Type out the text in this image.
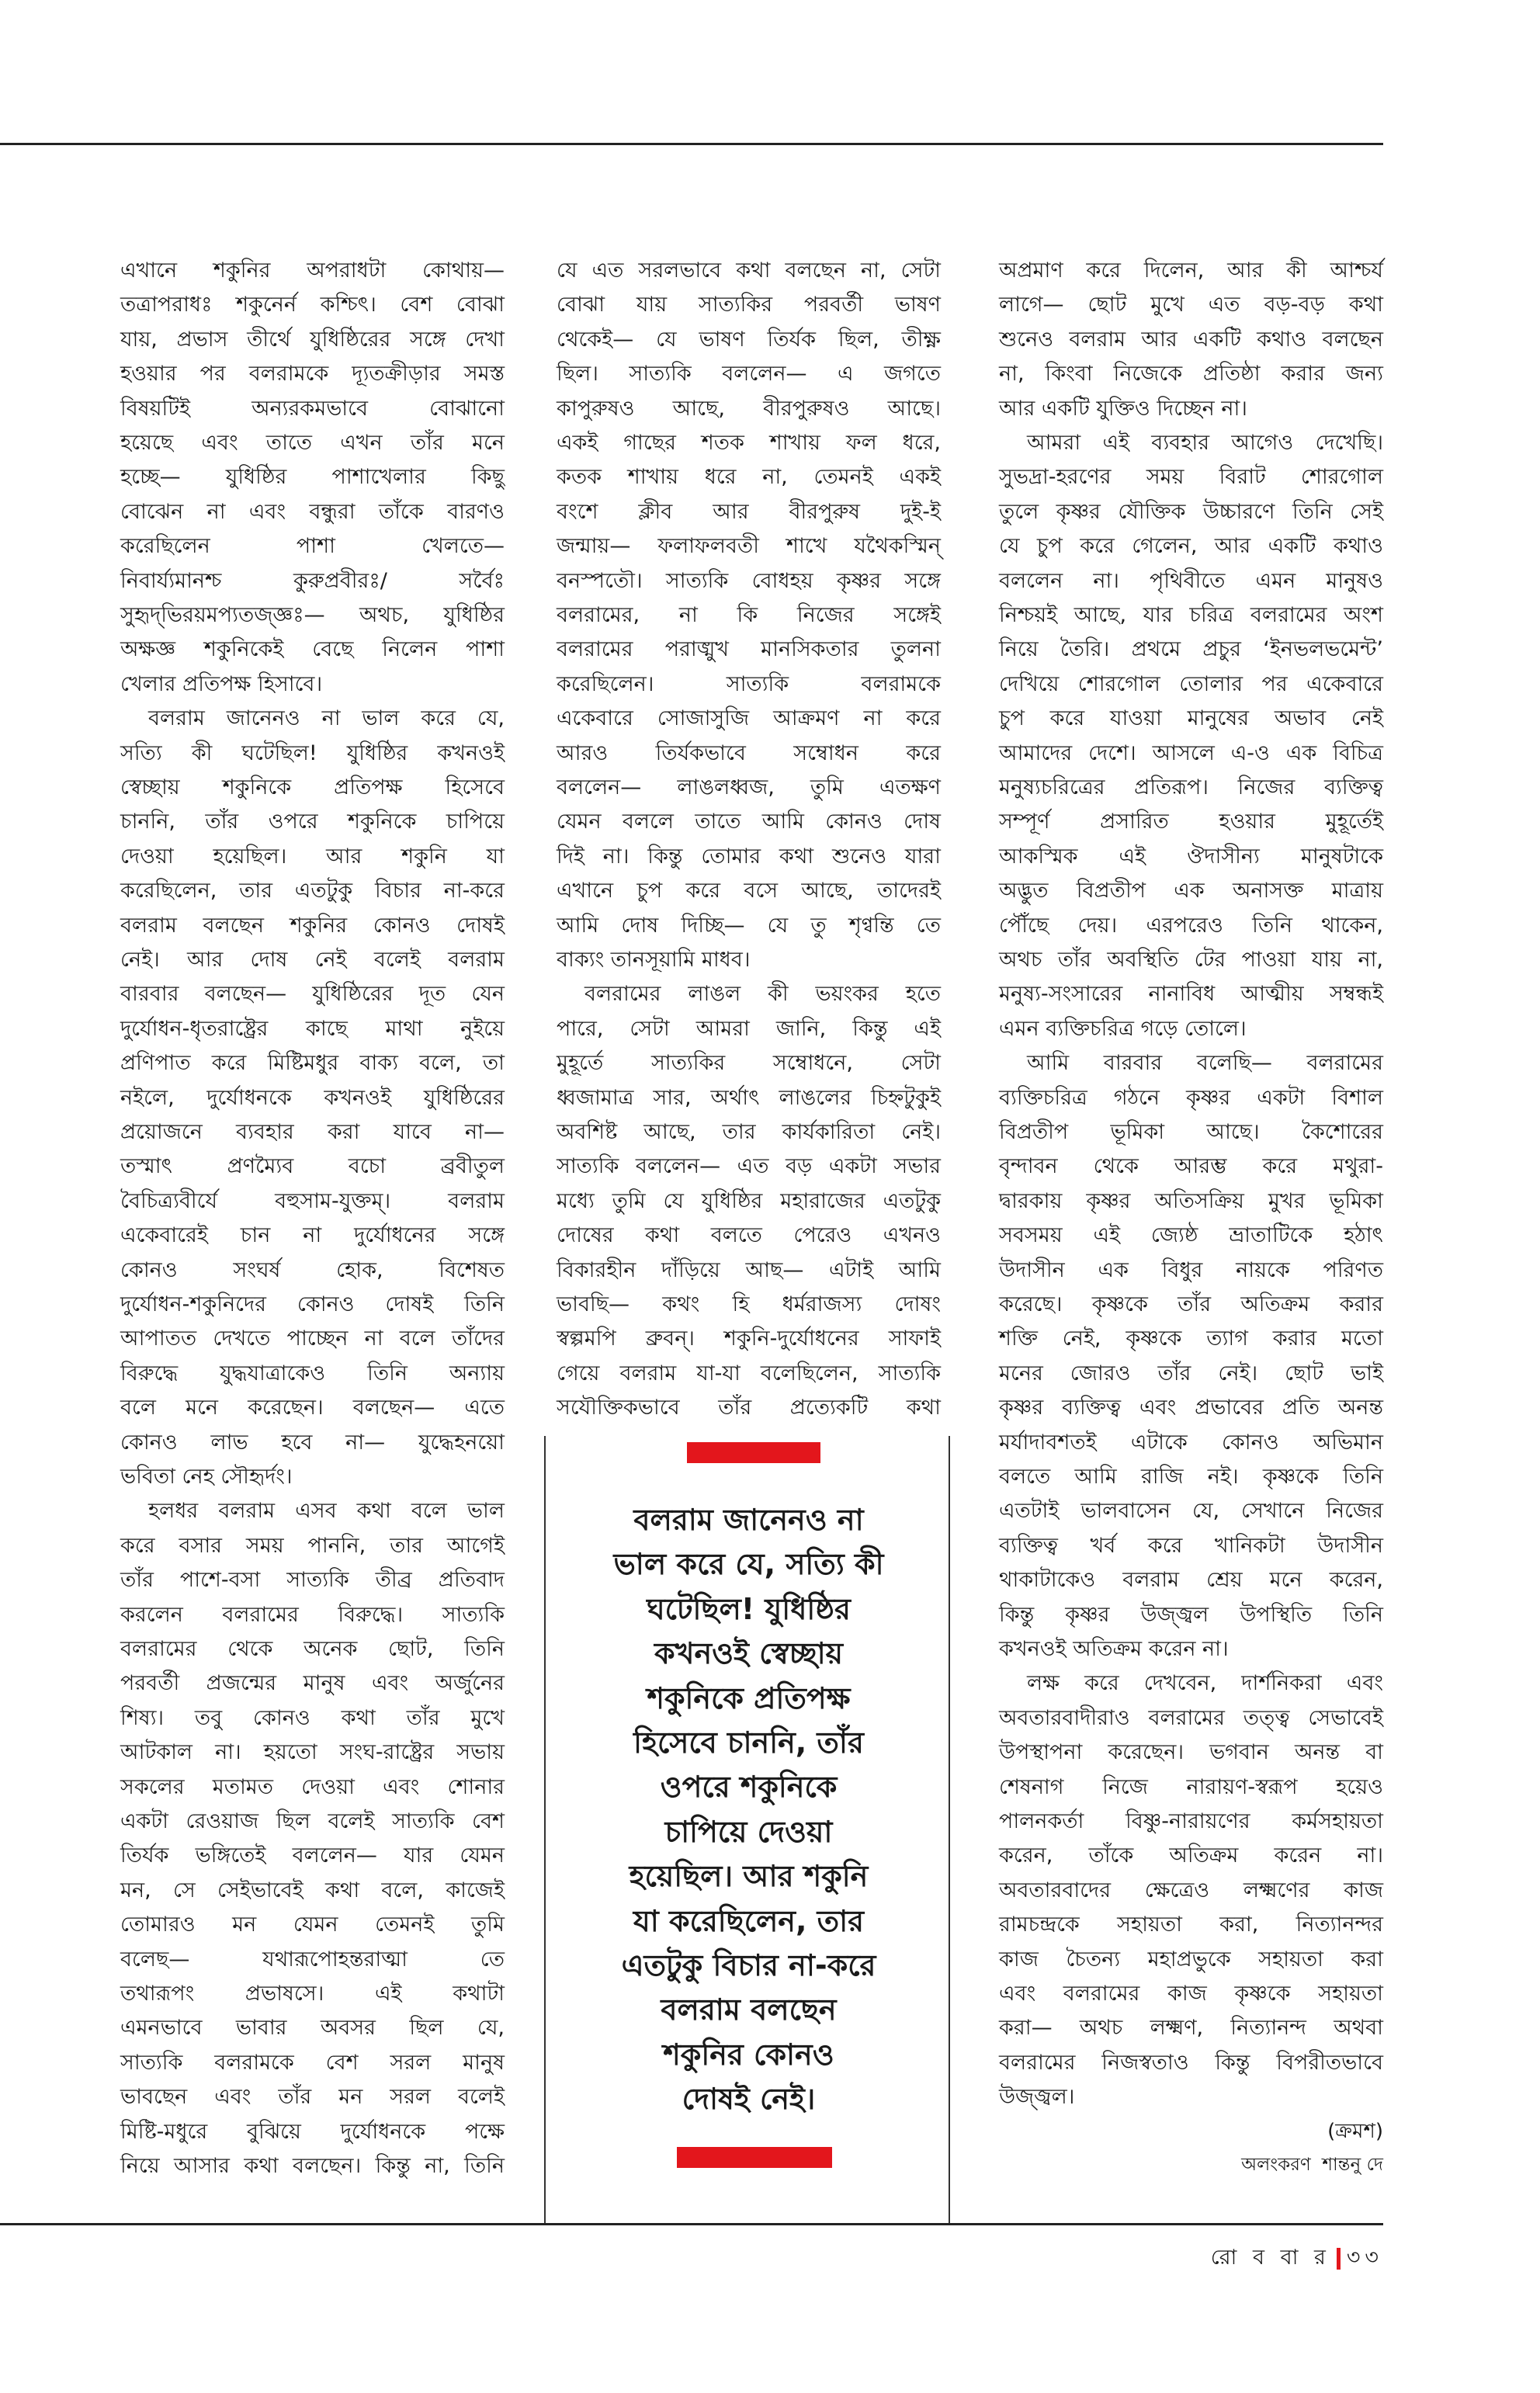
এখানে শকুনির অপরাধটা কোথায়—
তত্রাপরাধঃ শকুনের্ন কশ্চিৎ। বেশ বোঝা
যায়, প্রভাস তীর্থে যুধিষ্ঠিরের সঙ্গে দেখা
হওয়ার পর বলরামকে দ্যূতক্রীড়ার সমস্ত
বিষয়টিই অন্যরকমভাবে বোঝানো
হয়েছে এবং তাতে এখন তাঁর মনে
হচ্ছে— যুধিষ্ঠির পাশাখেলার কিছু
বোঝেন না এবং বন্ধুরা তাঁকে বারণও
করেছিলেন পাশা খেলতে—
নিবার্য্যমানশ্চ কুরুপ্রবীরঃ/ সর্বৈঃ
সুহৃদ্‌ভিরয়মপ্যতজ্জ্ঞঃ— অথচ, যুধিষ্ঠির
অক্ষজ্ঞ শকুনিকেই বেছে নিলেন পাশা
খেলার প্রতিপক্ষ হিসাবে।
বলরাম জানেনও না ভাল করে যে,
সত্যি কী ঘটেছিল! যুধিষ্ঠির কখনওই
স্বেচ্ছায় শকুনিকে প্রতিপক্ষ হিসেবে
চাননি, তাঁর ওপরে শকুনিকে চাপিয়ে
দেওয়া হয়েছিল। আর শকুনি যা
করেছিলেন, তার এতটুকু বিচার না-করে
বলরাম বলছেন শকুনির কোনও দোষই
নেই। আর দোষ নেই বলেই বলরাম
বারবার বলছেন— যুধিষ্ঠিরের দূত যেন
দুর্যোধন-ধৃতরাষ্ট্রের কাছে মাথা নুইয়ে
প্রণিপাত করে মিষ্টিমধুর বাক্য বলে, তা
নইলে, দুর্যোধনকে কখনওই যুধিষ্ঠিরের
প্রয়োজনে ব্যবহার করা যাবে না—
তস্মাৎ প্রণম্যৈব বচো ব্রবীতুল
বৈচিত্র্যবীর্যে বহুসাম-যুক্তম্‌। বলরাম
একেবারেই চান না দুর্যোধনের সঙ্গে
কোনও সংঘর্ষ হোক, বিশেষত
দুর্যোধন-শকুনিদের কোনও দোষই তিনি
আপাতত দেখতে পাচ্ছেন না বলে তাঁদের
বিরুদ্ধে যুদ্ধযাত্রাকেও তিনি অন্যায়
বলে মনে করেছেন। বলছেন— এতে
কোনও লাভ হবে না— যুদ্ধেহনয়ো
ভবিতা নেহ সৌহৃর্দং।
হলধর বলরাম এসব কথা বলে ভাল
করে বসার সময় পাননি, তার আগেই
তাঁর পাশে-বসা সাত্যকি তীব্র প্রতিবাদ
করলেন বলরামের বিরুদ্ধে। সাত্যকি
বলরামের থেকে অনেক ছোট, তিনি
পরবর্তী প্রজন্মের মানুষ এবং অর্জুনের
শিষ্য। তবু কোনও কথা তাঁর মুখে
আটকাল না। হয়তো সংঘ-রাষ্ট্রের সভায়
সকলের মতামত দেওয়া এবং শোনার
একটা রেওয়াজ ছিল বলেই সাত্যকি বেশ
তির্যক ভঙ্গিতেই বললেন— যার যেমন
মন, সে সেইভাবেই কথা বলে, কাজেই
তোমারও মন যেমন তেমনই তুমি
বলেছ— যথারূপোহন্তরাত্মা তে
তথারূপং প্রভাষসে। এই কথাটা
এমনভাবে ভাবার অবসর ছিল যে,
সাত্যকি বলরামকে বেশ সরল মানুষ
ভাবছেন এবং তাঁর মন সরল বলেই
মিষ্টি-মধুরে বুঝিয়ে দুর্যোধনকে পক্ষে
নিয়ে আসার কথা বলছেন। কিন্তু না, তিনি
যে এত সরলভাবে কথা বলছেন না, সেটা
বোঝা যায় সাত্যকির পরবর্তী ভাষণ
থেকেই— যে ভাষণ তির্যক ছিল, তীক্ষ্ণ
ছিল। সাত্যকি বললেন— এ জগতে
কাপুরুষও আছে, বীরপুরুষও আছে।
একই গাছের শতক শাখায় ফল ধরে,
কতক শাখায় ধরে না, তেমনই একই
বংশে ক্লীব আর বীরপুরুষ দুই-ই
জন্মায়— ফলাফলবতী শাখে যথৈকস্মিন্‌
বনস্পতৌ। সাত্যকি বোধহয় কৃষ্ণর সঙ্গে
বলরামের, না কি নিজের সঙ্গেই
বলরামের পরাঙ্মুখ মানসিকতার তুলনা
করেছিলেন। সাত্যকি বলরামকে
একেবারে সোজাসুজি আক্রমণ না করে
আরও তির্যকভাবে সম্বোধন করে
বললেন— লাঙলধ্বজ, তুমি এতক্ষণ
যেমন বললে তাতে আমি কোনও দোষ
দিই না। কিন্তু তোমার কথা শুনেও যারা
এখানে চুপ করে বসে আছে, তাদেরই
আমি দোষ দিচ্ছি— যে তু শৃণ্বন্তি তে
বাক্যং তানসূয়ামি মাধব।
বলরামের লাঙল কী ভয়ংকর হতে
পারে, সেটা আমরা জানি, কিন্তু এই
মুহূর্তে সাত্যকির সম্বোধনে, সেটা
ধ্বজামাত্র সার, অর্থাৎ লাঙলের চিহ্নটুকুই
অবশিষ্ট আছে, তার কার্যকারিতা নেই।
সাত্যকি বললেন— এত বড় একটা সভার
মধ্যে তুমি যে যুধিষ্ঠির মহারাজের এতটুকু
দোষের কথা বলতে পেরেও এখনও
বিকারহীন দাঁড়িয়ে আছ— এটাই আমি
ভাবছি— কথং হি ধর্মরাজস্য দোষং
স্বল্পমপি ব্রুবন্‌। শকুনি-দুর্যোধনের সাফাই
গেয়ে বলরাম যা-যা বলেছিলেন, সাত্যকি
সযৌক্তিকভাবে তাঁর প্রত্যেকটি কথা
অপ্রমাণ করে দিলেন, আর কী আশ্চর্য
লাগে— ছোট মুখে এত বড়-বড় কথা
শুনেও বলরাম আর একটি কথাও বলছেন
না, কিংবা নিজেকে প্রতিষ্ঠা করার জন্য
আর একটি যুক্তিও দিচ্ছেন না।
আমরা এই ব্যবহার আগেও দেখেছি।
সুভদ্রা-হরণের সময় বিরাট শোরগোল
তুলে কৃষ্ণর যৌক্তিক উচ্চারণে তিনি সেই
যে চুপ করে গেলেন, আর একটি কথাও
বললেন না। পৃথিবীতে এমন মানুষও
নিশ্চয়ই আছে, যার চরিত্র বলরামের অংশ
নিয়ে তৈরি। প্রথমে প্রচুর ‘ইনভলভমেন্ট’
দেখিয়ে শোরগোল তোলার পর একেবারে
চুপ করে যাওয়া মানুষের অভাব নেই
আমাদের দেশে। আসলে এ-ও এক বিচিত্র
মনুষ্যচরিত্রের প্রতিরূপ। নিজের ব্যক্তিত্ব
সম্পূর্ণ প্রসারিত হওয়ার মুহূর্তেই
আকস্মিক এই ঔদাসীন্য মানুষটাকে
অদ্ভুত বিপ্রতীপ এক অনাসক্ত মাত্রায়
পৌঁছে দেয়। এরপরেও তিনি থাকেন,
অথচ তাঁর অবস্থিতি টের পাওয়া যায় না,
মনুষ্য-সংসারের নানাবিধ আত্মীয় সম্বন্ধই
এমন ব্যক্তিচরিত্র গড়ে তোলে।
আমি বারবার বলেছি— বলরামের
ব্যক্তিচরিত্র গঠনে কৃষ্ণর একটা বিশাল
বিপ্রতীপ ভূমিকা আছে। কৈশোরের
বৃন্দাবন থেকে আরম্ভ করে মথুরা-
দ্বারকায় কৃষ্ণর অতিসক্রিয় মুখর ভূমিকা
সবসময় এই জ্যেষ্ঠ ভ্রাতাটিকে হঠাৎ
উদাসীন এক বিধুর নায়কে পরিণত
করেছে। কৃষ্ণকে তাঁর অতিক্রম করার
শক্তি নেই, কৃষ্ণকে ত্যাগ করার মতো
মনের জোরও তাঁর নেই। ছোট ভাই
কৃষ্ণর ব্যক্তিত্ব এবং প্রভাবের প্রতি অনন্ত
মর্যাদাবশতই এটাকে কোনও অভিমান
বলতে আমি রাজি নই। কৃষ্ণকে তিনি
এতটাই ভালবাসেন যে, সেখানে নিজের
ব্যক্তিত্ব খর্ব করে খানিকটা উদাসীন
থাকাটাকেও বলরাম শ্রেয় মনে করেন,
কিন্তু কৃষ্ণর উজ্জ্বল উপস্থিতি তিনি
কখনওই অতিক্রম করেন না।
লক্ষ করে দেখবেন, দার্শনিকরা এবং
অবতারবাদীরাও বলরামের তত্ত্ব সেভাবেই
উপস্থাপনা করেছেন। ভগবান অনন্ত বা
শেষনাগ নিজে নারায়ণ-স্বরূপ হয়েও
পালনকর্তা বিষ্ণু-নারায়ণের কর্মসহায়তা
করেন, তাঁকে অতিক্রম করেন না।
অবতারবাদের ক্ষেত্রেও লক্ষ্মণের কাজ
রামচন্দ্রকে সহায়তা করা, নিত্যানন্দর
কাজ চৈতন্য মহাপ্রভুকে সহায়তা করা
এবং বলরামের কাজ কৃষ্ণকে সহায়তা
করা— অথচ লক্ষ্মণ, নিত্যানন্দ অথবা
বলরামের নিজস্বতাও কিন্তু বিপরীতভাবে
উজ্জ্বল।
বলরাম জানেনও না
ভাল করে যে, সত্যি কী
ঘটেছিল! যুধিষ্ঠির
কখনওই স্বেচ্ছায়
শকুনিকে প্রতিপক্ষ
হিসেবে চাননি, তাঁর
ওপরে শকুনিকে
চাপিয়ে দেওয়া
হয়েছিল। আর শকুনি
যা করেছিলেন, তার
এতটুকু বিচার না-করে
বলরাম বলছেন
শকুনির কোনও
দোষই নেই।
(ক্রমশ)
অলংকরণ  শান্তনু দে
রো ব বা র ৩৩
